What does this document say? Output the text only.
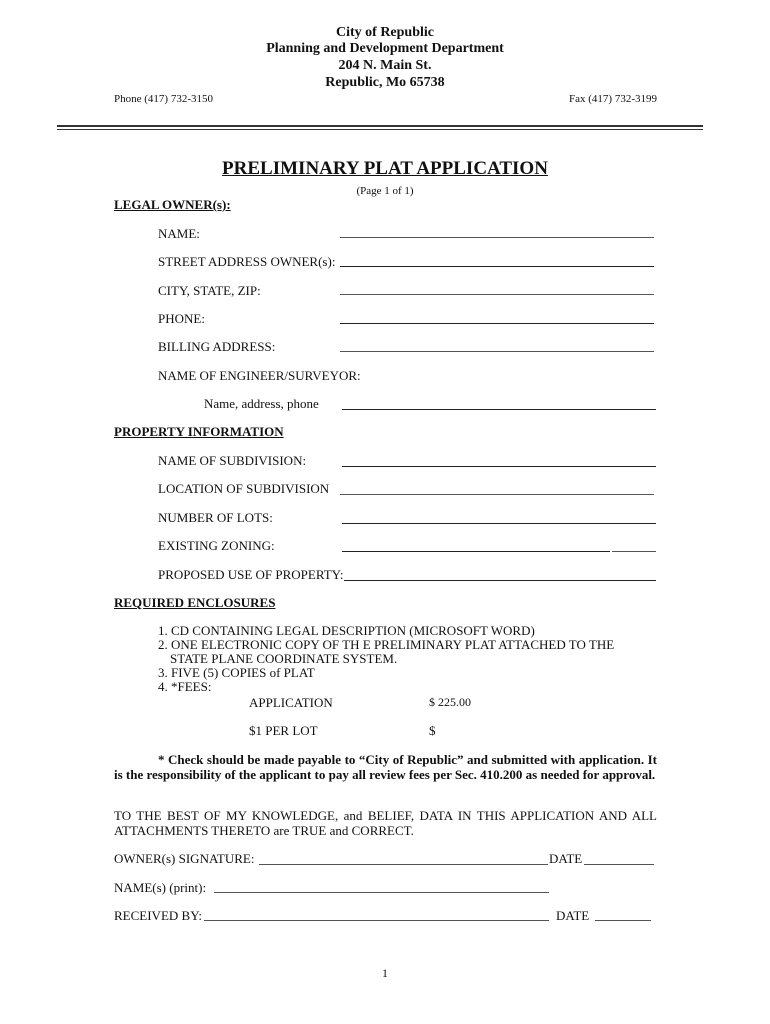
City of Republic
Planning and Development Department
204 N. Main St.
Republic, Mo 65738
Phone (417) 732-3150	Fax (417) 732-3199
PRELIMINARY PLAT APPLICATION
(Page 1 of 1)
LEGAL OWNER(s):
NAME:
STREET ADDRESS OWNER(s):
CITY, STATE, ZIP:
PHONE:
BILLING ADDRESS:
NAME OF ENGINEER/SURVEYOR:
Name, address, phone
PROPERTY INFORMATION
NAME OF SUBDIVISION:
LOCATION OF SUBDIVISION
NUMBER OF LOTS:
EXISTING ZONING:
PROPOSED USE OF PROPERTY:
REQUIRED ENCLOSURES
1. CD CONTAINING LEGAL DESCRIPTION (MICROSOFT WORD)
2. ONE ELECTRONIC COPY OF TH E PRELIMINARY PLAT ATTACHED TO THE
STATE PLANE COORDINATE SYSTEM.
3. FIVE (5) COPIES of PLAT
4. *FEES:
APPLICATION	$ 225.00
$1 PER LOT	$
* Check should be made payable to “City of Republic” and submitted with application. It is the responsibility of the applicant to pay all review fees per Sec. 410.200 as needed for approval.
TO THE BEST OF MY KNOWLEDGE, and BELIEF, DATA IN THIS APPLICATION AND ALL ATTACHMENTS THERETO are TRUE and CORRECT.
OWNER(s) SIGNATURE:	DATE
NAME(s) (print):
RECEIVED BY:	DATE
1
